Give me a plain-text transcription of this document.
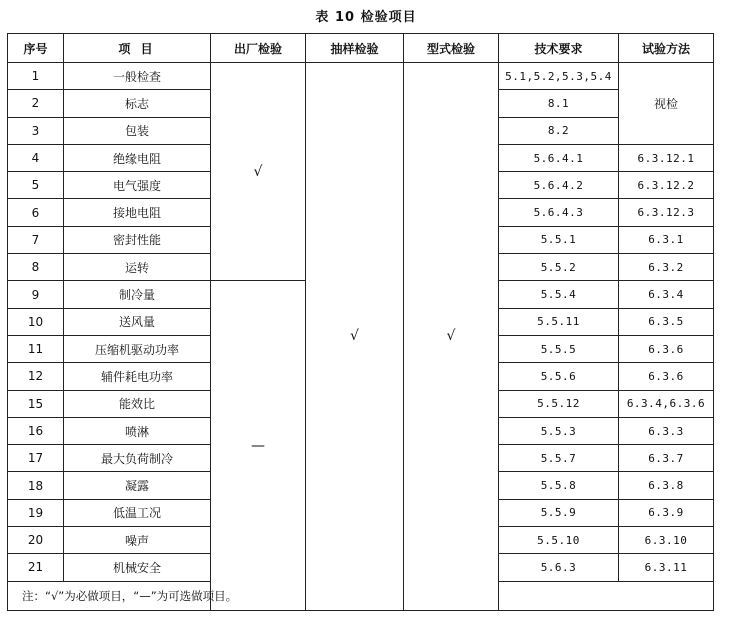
表 10 检验项目
序号	项 目	出厂检验	抽样检验	型式检验	技术要求	试验方法
1	一般检查	√	√	√	5.1,5.2,5.3,5.4	视检
2	标志				8.1	
3	包装				8.2	
4	绝缘电阻				5.6.4.1	6.3.12.1
5	电气强度				5.6.4.2	6.3.12.2
6	接地电阻				5.6.4.3	6.3.12.3
7	密封性能				5.5.1	6.3.1
8	运转				5.5.2	6.3.2
9	制冷量	—			5.5.4	6.3.4
10	送风量				5.5.11	6.3.5
11	压缩机驱动功率				5.5.5	6.3.6
12	辅件耗电功率				5.5.6	6.3.6
15	能效比				5.5.12	6.3.4,6.3.6
16	喷淋				5.5.3	6.3.3
17	最大负荷制冷				5.5.7	6.3.7
18	凝露				5.5.8	6.3.8
19	低温工况				5.5.9	6.3.9
20	噪声				5.5.10	6.3.10
21	机械安全				5.6.3	6.3.11
注：“√”为必做项目，“—”为可选做项目。						
